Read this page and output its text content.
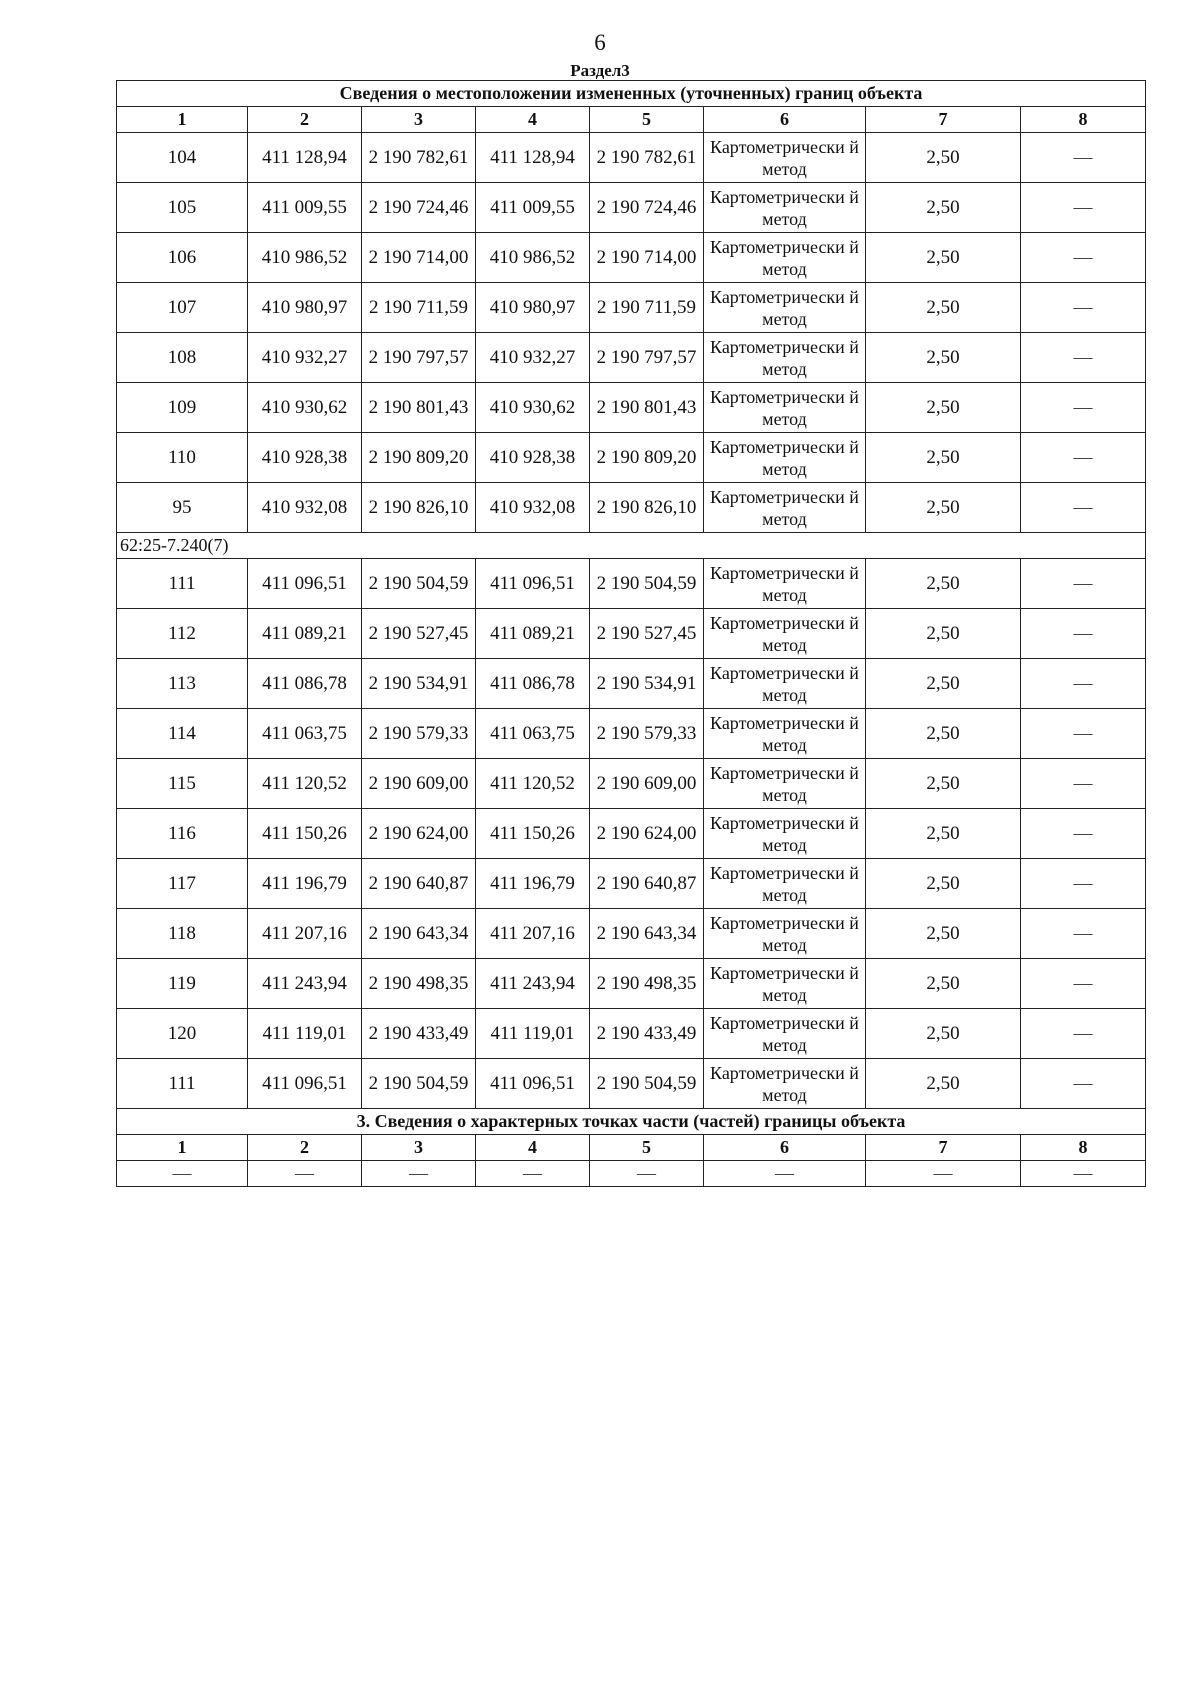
6
Раздел3
Сведения о местоположении измененных (уточненных) границ объекта							
1	2	3	4	5	6	7	8
104	411 128,94	2 190 782,61	411 128,94	2 190 782,61	Картометрически й метод	2,50	—
105	411 009,55	2 190 724,46	411 009,55	2 190 724,46	Картометрически й метод	2,50	—
106	410 986,52	2 190 714,00	410 986,52	2 190 714,00	Картометрически й метод	2,50	—
107	410 980,97	2 190 711,59	410 980,97	2 190 711,59	Картометрически й метод	2,50	—
108	410 932,27	2 190 797,57	410 932,27	2 190 797,57	Картометрически й метод	2,50	—
109	410 930,62	2 190 801,43	410 930,62	2 190 801,43	Картометрически й метод	2,50	—
110	410 928,38	2 190 809,20	410 928,38	2 190 809,20	Картометрически й метод	2,50	—
95	410 932,08	2 190 826,10	410 932,08	2 190 826,10	Картометрически й метод	2,50	—
62:25-7.240(7)							
111	411 096,51	2 190 504,59	411 096,51	2 190 504,59	Картометрически й метод	2,50	—
112	411 089,21	2 190 527,45	411 089,21	2 190 527,45	Картометрически й метод	2,50	—
113	411 086,78	2 190 534,91	411 086,78	2 190 534,91	Картометрически й метод	2,50	—
114	411 063,75	2 190 579,33	411 063,75	2 190 579,33	Картометрически й метод	2,50	—
115	411 120,52	2 190 609,00	411 120,52	2 190 609,00	Картометрически й метод	2,50	—
116	411 150,26	2 190 624,00	411 150,26	2 190 624,00	Картометрически й метод	2,50	—
117	411 196,79	2 190 640,87	411 196,79	2 190 640,87	Картометрически й метод	2,50	—
118	411 207,16	2 190 643,34	411 207,16	2 190 643,34	Картометрически й метод	2,50	—
119	411 243,94	2 190 498,35	411 243,94	2 190 498,35	Картометрически й метод	2,50	—
120	411 119,01	2 190 433,49	411 119,01	2 190 433,49	Картометрически й метод	2,50	—
111	411 096,51	2 190 504,59	411 096,51	2 190 504,59	Картометрически й метод	2,50	—
3. Сведения о характерных точках части (частей) границы объекта							
1	2	3	4	5	6	7	8
—	—	—	—	—	—	—	—
